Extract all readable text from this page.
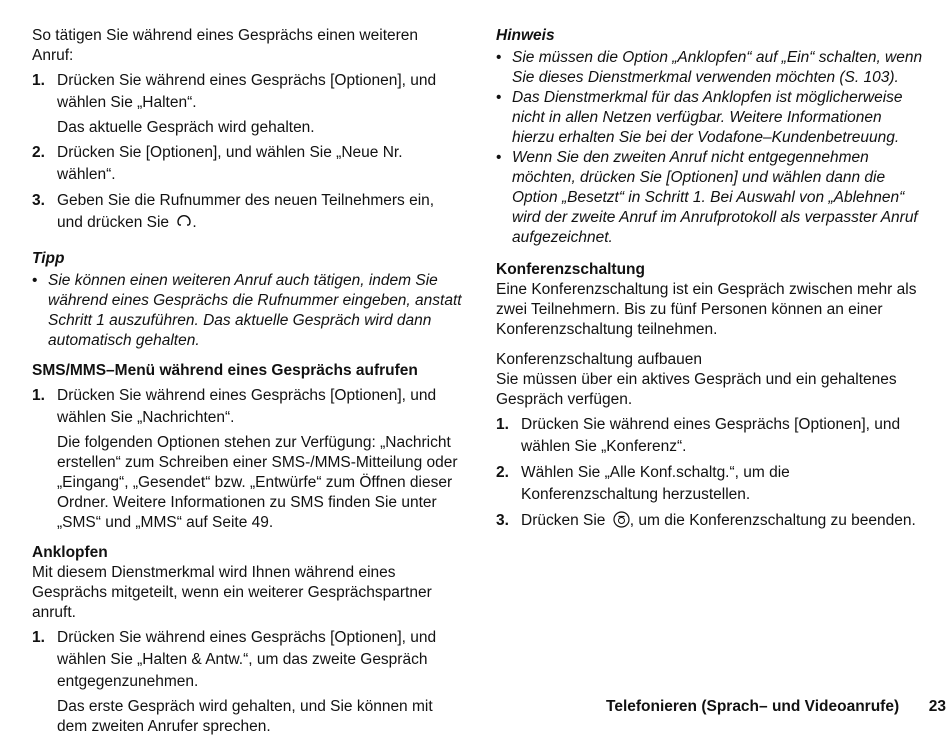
So tätigen Sie während eines Gesprächs einen weiteren Anruf:

1. Drücken Sie während eines Gesprächs [Optionen], und wählen Sie „Halten“.

Das aktuelle Gespräch wird gehalten.

2. Drücken Sie [Optionen], und wählen Sie „Neue Nr. wählen“.
3. Geben Sie die Rufnummer des neuen Teilnehmers ein, und drücken Sie .

Tipp

• Sie können einen weiteren Anruf auch tätigen, indem Sie während eines Gesprächs die Rufnummer eingeben, anstatt Schritt 1 auszuführen. Das aktuelle Gespräch wird dann automatisch gehalten.

SMS/MMS–Menü während eines Gesprächs aufrufen

1. Drücken Sie während eines Gesprächs [Optionen], und wählen Sie „Nachrichten“.

Die folgenden Optionen stehen zur Verfügung: „Nachricht erstellen“ zum Schreiben einer SMS-/MMS-Mitteilung oder „Eingang“, „Gesendet“ bzw. „Entwürfe“ zum Öffnen dieser Ordner. Weitere Informationen zu SMS finden Sie unter „SMS“ und „MMS“ auf Seite 49.

Anklopfen

Mit diesem Dienstmerkmal wird Ihnen während eines Gesprächs mitgeteilt, wenn ein weiterer Gesprächspartner anruft.

1. Drücken Sie während eines Gesprächs [Optionen], und wählen Sie „Halten & Antw.“, um das zweite Gespräch entgegenzunehmen.

Das erste Gespräch wird gehalten, und Sie können mit dem zweiten Anrufer sprechen.

Hinweis

• Sie müssen die Option „Anklopfen“ auf „Ein“ schalten, wenn Sie dieses Dienstmerkmal verwenden möchten (S. 103).
• Das Dienstmerkmal für das Anklopfen ist möglicherweise nicht in allen Netzen verfügbar. Weitere Informationen hierzu erhalten Sie bei der Vodafone–Kundenbetreuung.
• Wenn Sie den zweiten Anruf nicht entgegennehmen möchten, drücken Sie [Optionen] und wählen dann die Option „Besetzt“ in Schritt 1. Bei Auswahl von „Ablehnen“ wird der zweite Anruf im Anrufprotokoll als verpasster Anruf aufgezeichnet.

Konferenzschaltung

Eine Konferenzschaltung ist ein Gespräch zwischen mehr als zwei Teilnehmern. Bis zu fünf Personen können an einer Konferenzschaltung teilnehmen.

Konferenzschaltung aufbauen

Sie müssen über ein aktives Gespräch und ein gehaltenes Gespräch verfügen.

1. Drücken Sie während eines Gesprächs [Optionen], und wählen Sie „Konferenz“.
2. Wählen Sie „Alle Konf.schaltg.“, um die Konferenzschaltung herzustellen.
3. Drücken Sie , um die Konferenzschaltung zu beenden.
Telefonieren (Sprach– und Videoanrufe) 23
